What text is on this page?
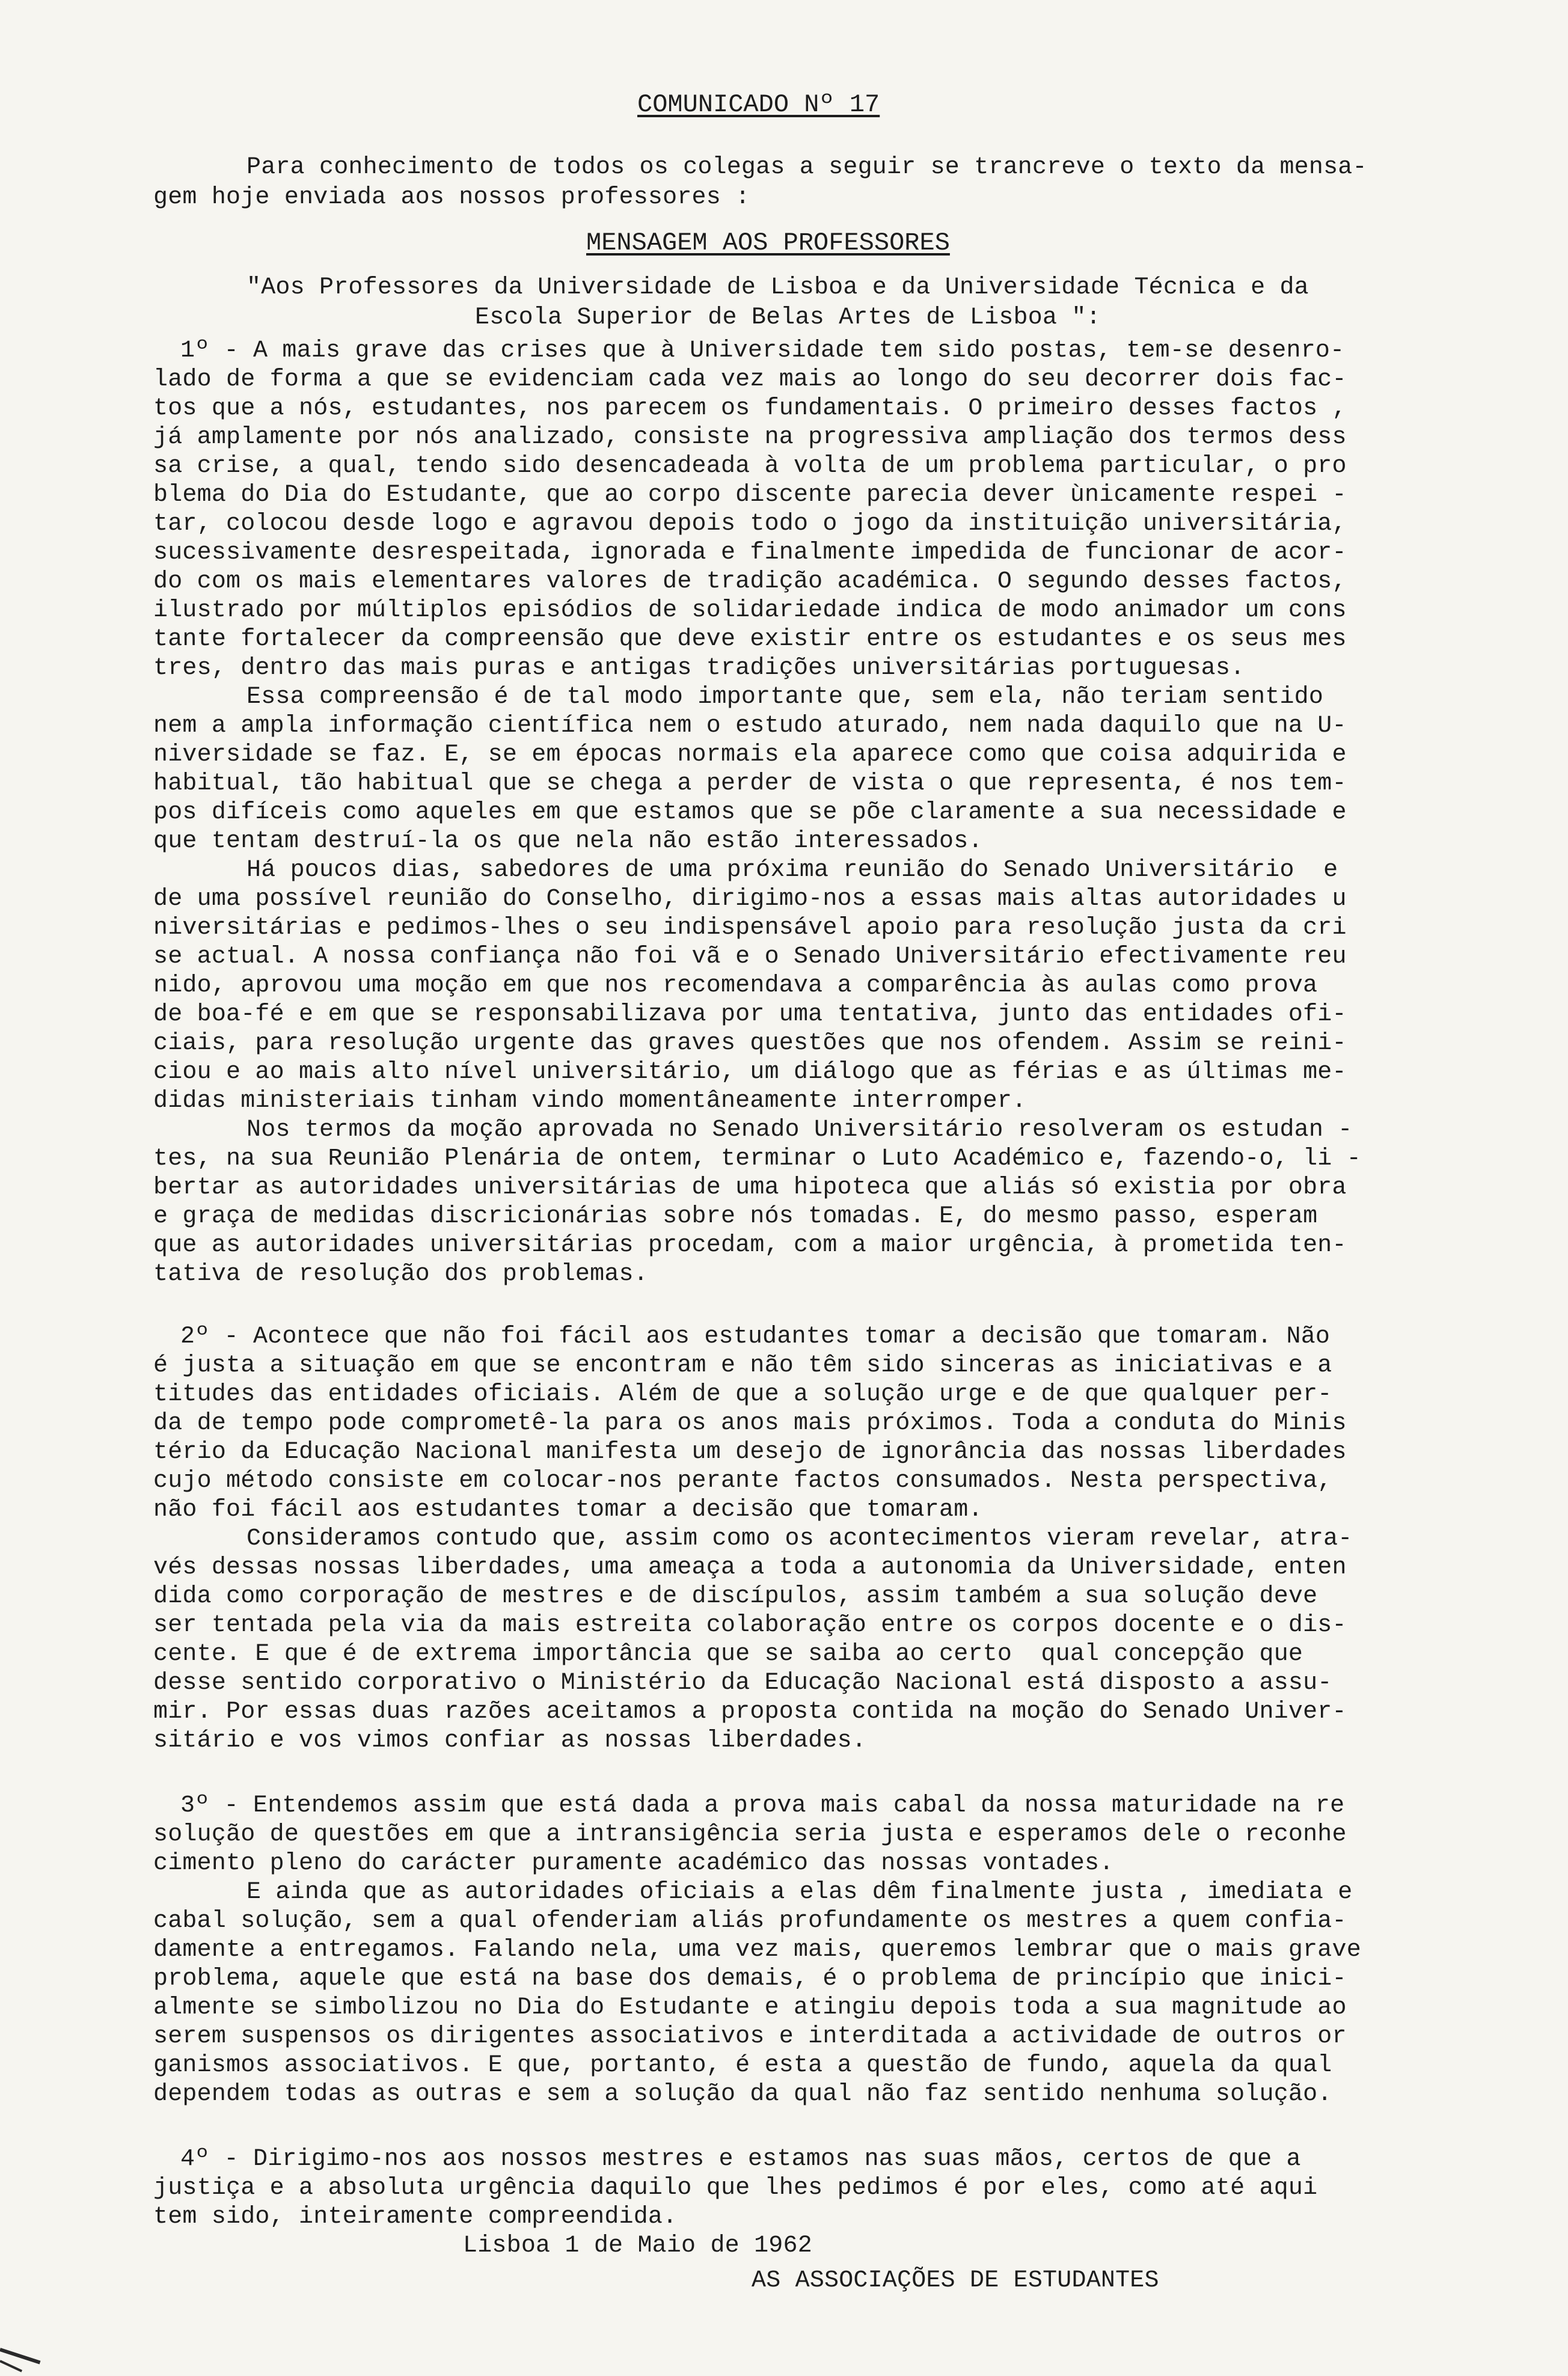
COMUNICADO Nº 17
Para conhecimento de todos os colegas a seguir se trancreve o texto da mensa-
gem hoje enviada aos nossos professores :
MENSAGEM AOS PROFESSORES
"Aos Professores da Universidade de Lisboa e da Universidade Técnica e da
Escola Superior de Belas Artes de Lisboa ":
1º - A mais grave das crises que à Universidade tem sido postas, tem-se desenro-
lado de forma a que se evidenciam cada vez mais ao longo do seu decorrer dois fac-
tos que a nós, estudantes, nos parecem os fundamentais. O primeiro desses factos ,
já amplamente por nós analizado, consiste na progressiva ampliação dos termos dess
sa crise, a qual, tendo sido desencadeada à volta de um problema particular, o pro
blema do Dia do Estudante, que ao corpo discente parecia dever ùnicamente respei -
tar, colocou desde logo e agravou depois todo o jogo da instituição universitária,
sucessivamente desrespeitada, ignorada e finalmente impedida de funcionar de acor-
do com os mais elementares valores de tradição académica. O segundo desses factos,
ilustrado por múltiplos episódios de solidariedade indica de modo animador um cons
tante fortalecer da compreensão que deve existir entre os estudantes e os seus mes
tres, dentro das mais puras e antigas tradições universitárias portuguesas.
Essa compreensão é de tal modo importante que, sem ela, não teriam sentido
nem a ampla informação científica nem o estudo aturado, nem nada daquilo que na U-
niversidade se faz. E, se em épocas normais ela aparece como que coisa adquirida e
habitual, tão habitual que se chega a perder de vista o que representa, é nos tem-
pos difíceis como aqueles em que estamos que se põe claramente a sua necessidade e
que tentam destruí-la os que nela não estão interessados.
Há poucos dias, sabedores de uma próxima reunião do Senado Universitário  e
de uma possível reunião do Conselho, dirigimo-nos a essas mais altas autoridades u
niversitárias e pedimos-lhes o seu indispensável apoio para resolução justa da cri
se actual. A nossa confiança não foi vã e o Senado Universitário efectivamente reu
nido, aprovou uma moção em que nos recomendava a comparência às aulas como prova
de boa-fé e em que se responsabilizava por uma tentativa, junto das entidades ofi-
ciais, para resolução urgente das graves questões que nos ofendem. Assim se reini-
ciou e ao mais alto nível universitário, um diálogo que as férias e as últimas me-
didas ministeriais tinham vindo momentâneamente interromper.
Nos termos da moção aprovada no Senado Universitário resolveram os estudan -
tes, na sua Reunião Plenária de ontem, terminar o Luto Académico e, fazendo-o, li -
bertar as autoridades universitárias de uma hipoteca que aliás só existia por obra
e graça de medidas discricionárias sobre nós tomadas. E, do mesmo passo, esperam
que as autoridades universitárias procedam, com a maior urgência, à prometida ten-
tativa de resolução dos problemas.
2º - Acontece que não foi fácil aos estudantes tomar a decisão que tomaram. Não
é justa a situação em que se encontram e não têm sido sinceras as iniciativas e a
titudes das entidades oficiais. Além de que a solução urge e de que qualquer per-
da de tempo pode comprometê-la para os anos mais próximos. Toda a conduta do Minis
tério da Educação Nacional manifesta um desejo de ignorância das nossas liberdades
cujo método consiste em colocar-nos perante factos consumados. Nesta perspectiva,
não foi fácil aos estudantes tomar a decisão que tomaram.
Consideramos contudo que, assim como os acontecimentos vieram revelar, atra-
vés dessas nossas liberdades, uma ameaça a toda a autonomia da Universidade, enten
dida como corporação de mestres e de discípulos, assim também a sua solução deve
ser tentada pela via da mais estreita colaboração entre os corpos docente e o dis-
cente. E que é de extrema importância que se saiba ao certo  qual concepção que
desse sentido corporativo o Ministério da Educação Nacional está disposto a assu-
mir. Por essas duas razões aceitamos a proposta contida na moção do Senado Univer-
sitário e vos vimos confiar as nossas liberdades.
3º - Entendemos assim que está dada a prova mais cabal da nossa maturidade na re
solução de questões em que a intransigência seria justa e esperamos dele o reconhe
cimento pleno do carácter puramente académico das nossas vontades.
E ainda que as autoridades oficiais a elas dêm finalmente justa , imediata e
cabal solução, sem a qual ofenderiam aliás profundamente os mestres a quem confia-
damente a entregamos. Falando nela, uma vez mais, queremos lembrar que o mais grave
problema, aquele que está na base dos demais, é o problema de princípio que inici-
almente se simbolizou no Dia do Estudante e atingiu depois toda a sua magnitude ao
serem suspensos os dirigentes associativos e interditada a actividade de outros or
ganismos associativos. E que, portanto, é esta a questão de fundo, aquela da qual
dependem todas as outras e sem a solução da qual não faz sentido nenhuma solução.
4º - Dirigimo-nos aos nossos mestres e estamos nas suas mãos, certos de que a
justiça e a absoluta urgência daquilo que lhes pedimos é por eles, como até aqui
tem sido, inteiramente compreendida.
Lisboa 1 de Maio de 1962
AS ASSOCIAÇÕES DE ESTUDANTES
